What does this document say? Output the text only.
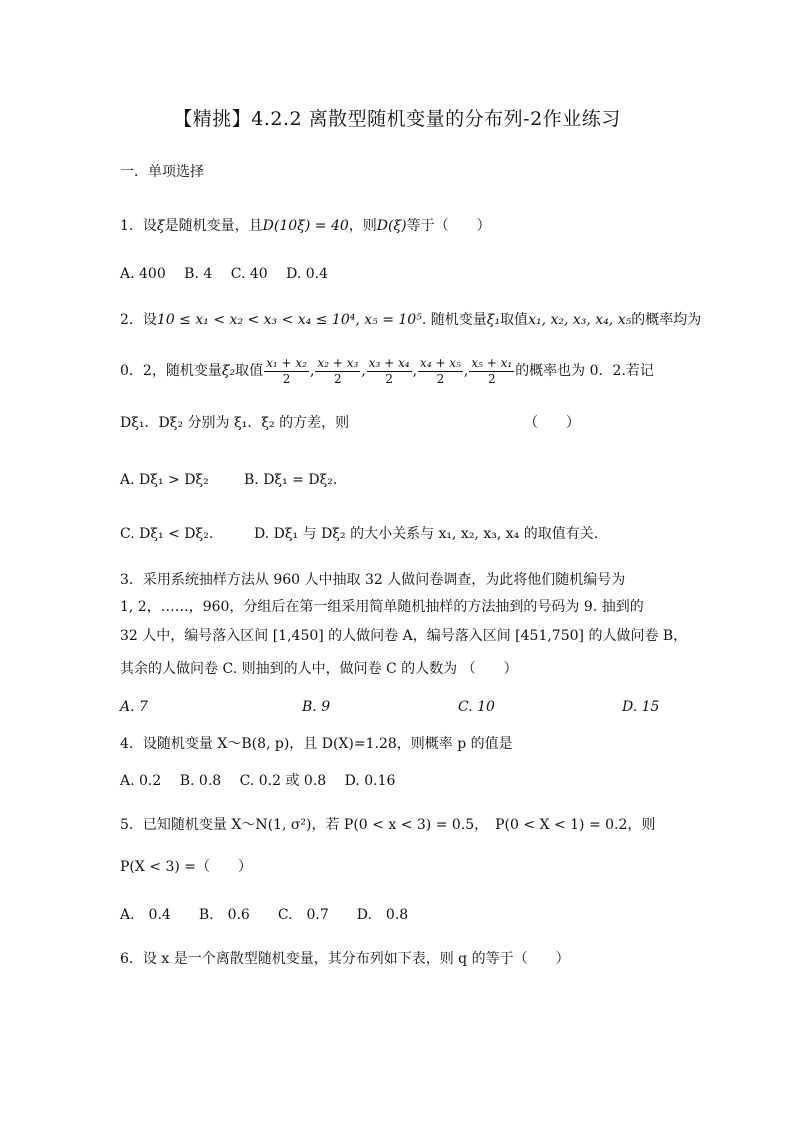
【精挑】4.2.2 离散型随机变量的分布列-2作业练习
一．单项选择
1．设ξ是随机变量，且D(10ξ) = 40，则D(ξ)等于（　　）
A. 400　 B. 4　 C. 40　 D. 0.4
2．设10 ≤ x₁ < x₂ < x₃ < x₄ ≤ 10⁴, x₅ = 10⁵. 随机变量ξ₁取值x₁, x₂, x₃, x₄, x₅的概率均为
0．2，随机变量ξ₂取值 $\frac{\text{x₁ + x₂}}{2}$ , $\frac{\text{x₂ + x₃}}{2}$ , $\frac{\text{x₃ + x₄}}{2}$ , $\frac{\text{x₄ + x₅}}{2}$ , $\frac{\text{x₅ + x₁}}{2}$ 的概率也为 0．2.若记
Dξ₁．Dξ₂ 分别为 ξ₁．ξ₂ 的方差，则	（　　）
A. Dξ₁ > Dξ₂	B. Dξ₁ = Dξ₂.
C. Dξ₁ < Dξ₂.	D. Dξ₁ 与 Dξ₂ 的大小关系与 x₁, x₂, x₃, x₄ 的取值有关.
3．采用系统抽样方法从 960 人中抽取 32 人做问卷调查，为此将他们随机编号为
1, 2，……，960，分组后在第一组采用简单随机抽样的方法抽到的号码为 9. 抽到的
32 人中，编号落入区间 [1,450] 的人做问卷 A，编号落入区间 [451,750] 的人做问卷 B，
其余的人做问卷 C. 则抽到的人中，做问卷 C 的人数为 （　　）
A. 7	B. 9	C. 10	D. 15
4．设随机变量 X～B(8, p)，且 D(X)=1.28，则概率 p 的值是
A. 0.2　 B. 0.8　 C. 0.2 或 0.8　 D. 0.16
5．已知随机变量 X～N(1, σ²)，若 P(0 < x < 3) = 0.5，　P(0 < X < 1) = 0.2，则
P(X < 3) =（　　）
A.　0.4　　B.　0.6　　C.　0.7　　D.　0.8
6．设 x 是一个离散型随机变量，其分布列如下表，则 q 的等于（　　）
